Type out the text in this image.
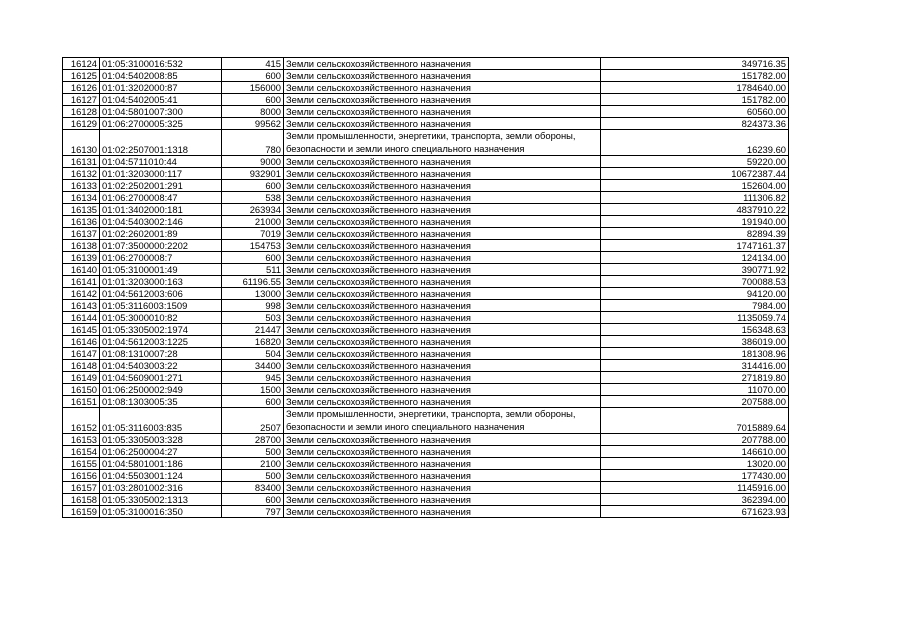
16124	01:05:3100016:532	415	Земли сельскохозяйственного назначения	349716.35
16125	01:04:5402008:85	600	Земли сельскохозяйственного назначения	151782.00
16126	01:01:3202000:87	156000	Земли сельскохозяйственного назначения	1784640.00
16127	01:04:5402005:41	600	Земли сельскохозяйственного назначения	151782.00
16128	01:04:5801007:300	8000	Земли сельскохозяйственного назначения	60560.00
16129	01:06:2700005:325	99562	Земли сельскохозяйственного назначения	824373.36
16130	01:02:2507001:1318	780	Земли промышленности, энергетики, транспорта, земли обороны, безопасности и земли иного специального назначения	16239.60
16131	01:04:5711010:44	9000	Земли сельскохозяйственного назначения	59220.00
16132	01:01:3203000:117	932901	Земли сельскохозяйственного назначения	10672387.44
16133	01:02:2502001:291	600	Земли сельскохозяйственного назначения	152604.00
16134	01:06:2700008:47	538	Земли сельскохозяйственного назначения	111306.82
16135	01:01:3402000:181	263934	Земли сельскохозяйственного назначения	4837910.22
16136	01:04:5403002:146	21000	Земли сельскохозяйственного назначения	191940.00
16137	01:02:2602001:89	7019	Земли сельскохозяйственного назначения	82894.39
16138	01:07:3500000:2202	154753	Земли сельскохозяйственного назначения	1747161.37
16139	01:06:2700008:7	600	Земли сельскохозяйственного назначения	124134.00
16140	01:05:3100001:49	511	Земли сельскохозяйственного назначения	390771.92
16141	01:01:3203000:163	61196.55	Земли сельскохозяйственного назначения	700088.53
16142	01:04:5612003:606	13000	Земли сельскохозяйственного назначения	94120.00
16143	01:05:3116003:1509	998	Земли сельскохозяйственного назначения	7984.00
16144	01:05:3000010:82	503	Земли сельскохозяйственного назначения	1135059.74
16145	01:05:3305002:1974	21447	Земли сельскохозяйственного назначения	156348.63
16146	01:04:5612003:1225	16820	Земли сельскохозяйственного назначения	386019.00
16147	01:08:1310007:28	504	Земли сельскохозяйственного назначения	181308.96
16148	01:04:5403003:22	34400	Земли сельскохозяйственного назначения	314416.00
16149	01:04:5609001:271	945	Земли сельскохозяйственного назначения	271819.80
16150	01:06:2500002:949	1500	Земли сельскохозяйственного назначения	11070.00
16151	01:08:1303005:35	600	Земли сельскохозяйственного назначения	207588.00
16152	01:05:3116003:835	2507	Земли промышленности, энергетики, транспорта, земли обороны, безопасности и земли иного специального назначения	7015889.64
16153	01:05:3305003:328	28700	Земли сельскохозяйственного назначения	207788.00
16154	01:06:2500004:27	500	Земли сельскохозяйственного назначения	146610.00
16155	01:04:5801001:186	2100	Земли сельскохозяйственного назначения	13020.00
16156	01:04:5503001:124	500	Земли сельскохозяйственного назначения	177430.00
16157	01:03:2801002:316	83400	Земли сельскохозяйственного назначения	1145916.00
16158	01:05:3305002:1313	600	Земли сельскохозяйственного назначения	362394.00
16159	01:05:3100016:350	797	Земли сельскохозяйственного назначения	671623.93
